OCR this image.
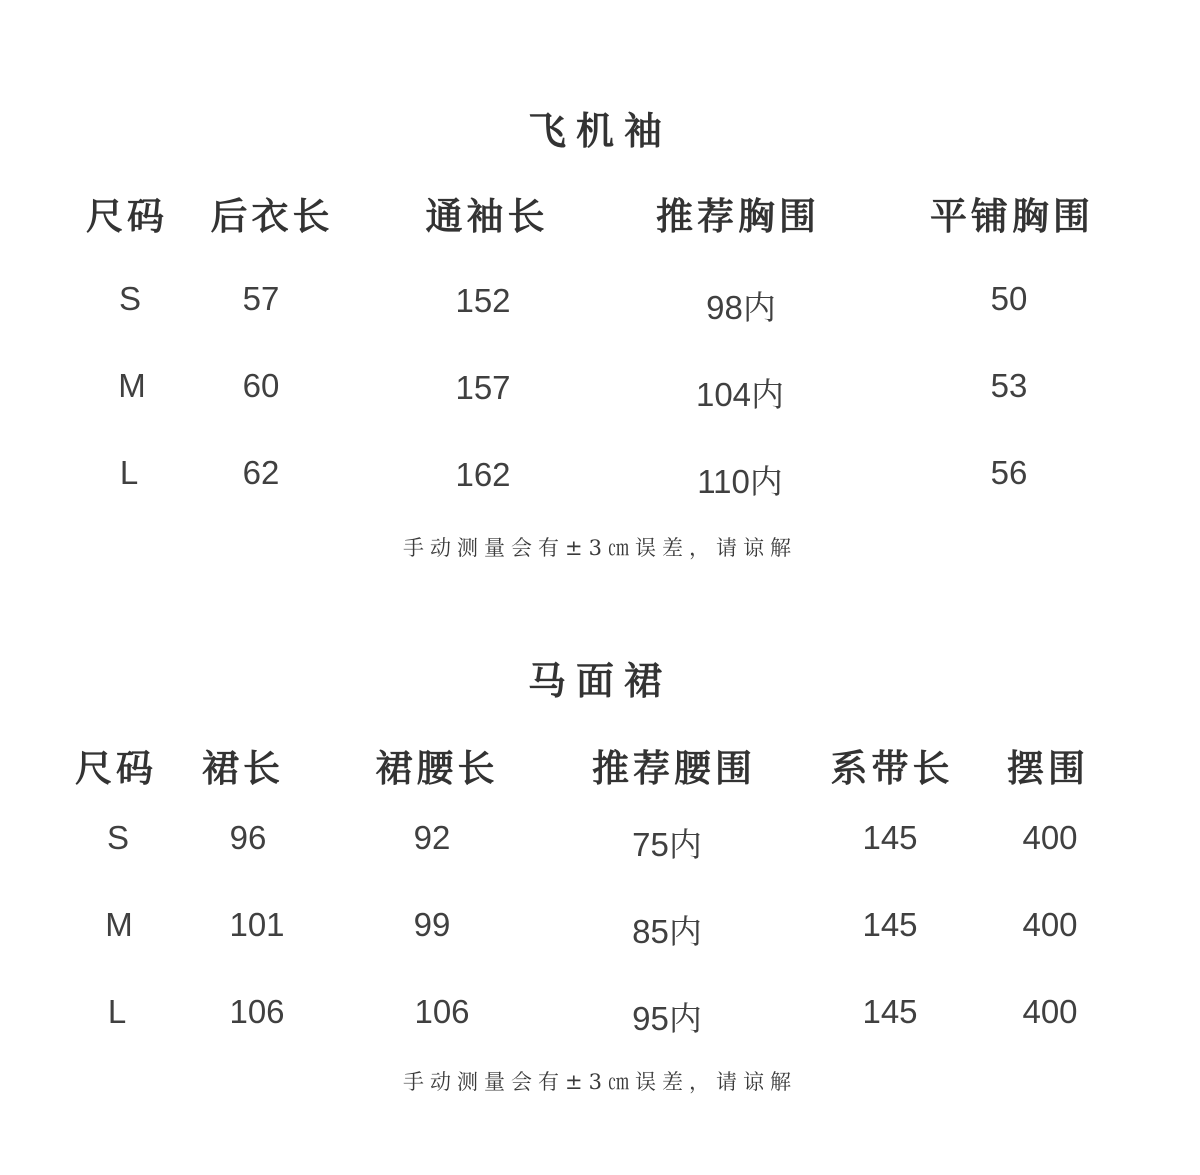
飞机袖
尺码 后衣长 通袖长	推荐胸围	平铺胸围
S	57	152	98内	50
M	60	157	104内	53
L	62	162	110内	56
手动测量会有±3㎝误差，请谅解
马面裙
尺码 裙长 裙腰长	推荐腰围 系带长 摆围
S	96	92	75内	145	400
M	101	99	85内	145	400
L	106	106	95内	145	400
手动测量会有±3㎝误差，请谅解
